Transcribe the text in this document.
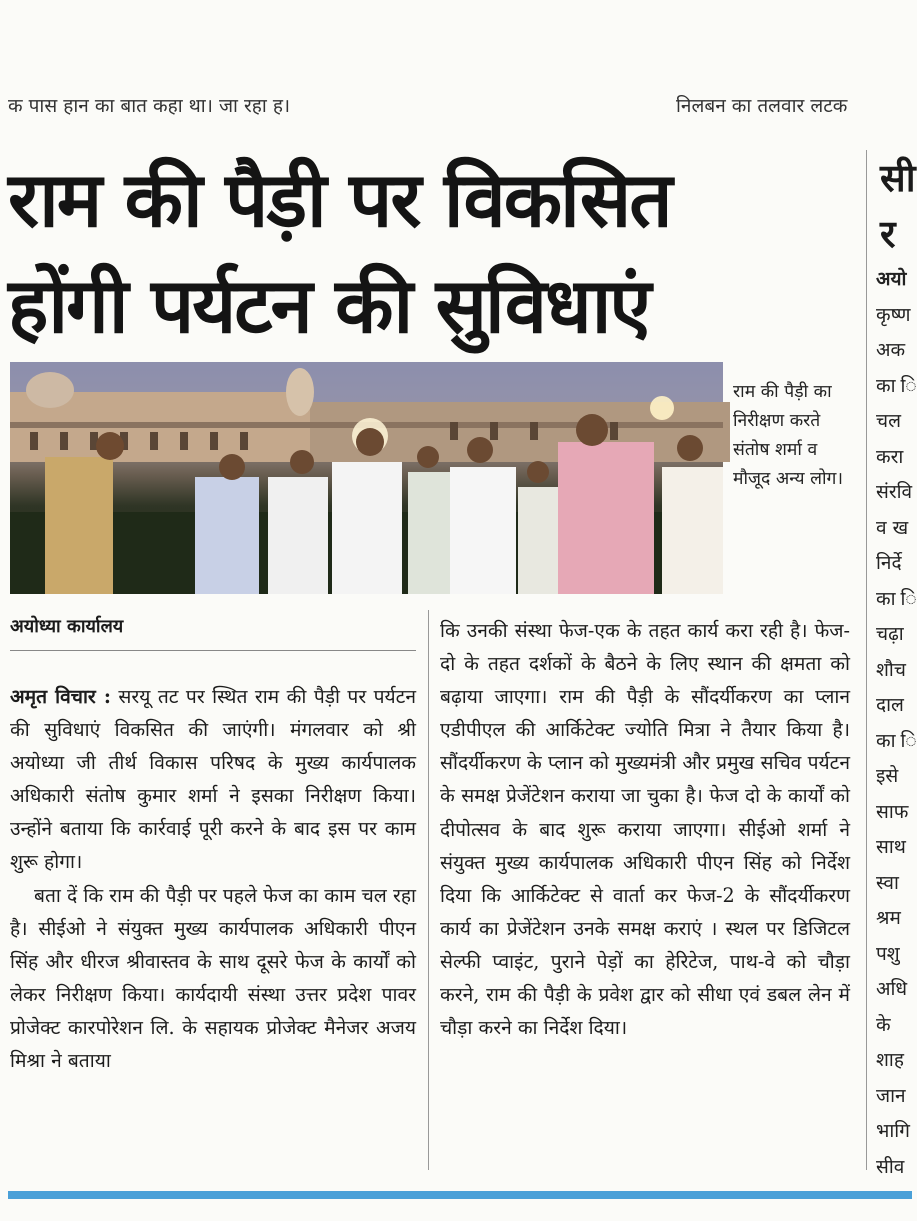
क पास हान का बात कहा था। जा रहा ह।	निलबन का तलवार लटक
राम की पैड़ी पर विकसित
होंगी पर्यटन की सुविधाएं
सी
र
राम की पैड़ी का निरीक्षण करते संतोष शर्मा व मौजूद अन्य लोग।
अयोध्या कार्यालय

अमृत विचार : सरयू तट पर स्थित राम की पैड़ी पर पर्यटन की सुविधाएं विकसित की जाएंगी। मंगलवार को श्री अयोध्या जी तीर्थ विकास परिषद के मुख्य कार्यपालक अधिकारी संतोष कुमार शर्मा ने इसका निरीक्षण किया। उन्होंने बताया कि कार्रवाई पूरी करने के बाद इस पर काम शुरू होगा।

बता दें कि राम की पैड़ी पर पहले फेज का काम चल रहा है। सीईओ ने संयुक्त मुख्य कार्यपालक अधिकारी पीएन सिंह और धीरज श्रीवास्तव के साथ दूसरे फेज के कार्यों को लेकर निरीक्षण किया। कार्यदायी संस्था उत्तर प्रदेश पावर प्रोजेक्ट कारपोरेशन लि. के सहायक प्रोजेक्ट मैनेजर अजय मिश्रा ने बताया

कि उनकी संस्था फेज-एक के तहत कार्य करा रही है। फेज-दो के तहत दर्शकों के बैठने के लिए स्थान की क्षमता को बढ़ाया जाएगा। राम की पैड़ी के सौंदर्यीकरण का प्लान एडीपीएल की आर्किटेक्ट ज्योति मित्रा ने तैयार किया है। सौंदर्यीकरण के प्लान को मुख्यमंत्री और प्रमुख सचिव पर्यटन के समक्ष प्रेजेंटेशन कराया जा चुका है। फेज दो के कार्यों को दीपोत्सव के बाद शुरू कराया जाएगा। सीईओ शर्मा ने संयुक्त मुख्य कार्यपालक अधिकारी पीएन सिंह को निर्देश दिया कि आर्किटेक्ट से वार्ता कर फेज-2 के सौंदर्यीकरण कार्य का प्रेजेंटेशन उनके समक्ष कराएं । स्थल पर डिजिटल सेल्फी प्वाइंट, पुराने पेड़ों का हेरिटेज, पाथ-वे को चौड़ा करने, राम की पैड़ी के प्रवेश द्वार को सीधा एवं डबल लेन में चौड़ा करने का निर्देश दिया।

अयो
कृष्ण
अक
का ि
चल
करा
संरवि
व ख
निर्दे
का ि
चढ़ा
शौच
दाल
का ि
इसे
साफ
साथ
स्वा
श्रम
पशु
अधि
के
शाह
जान
भागि
सीव
